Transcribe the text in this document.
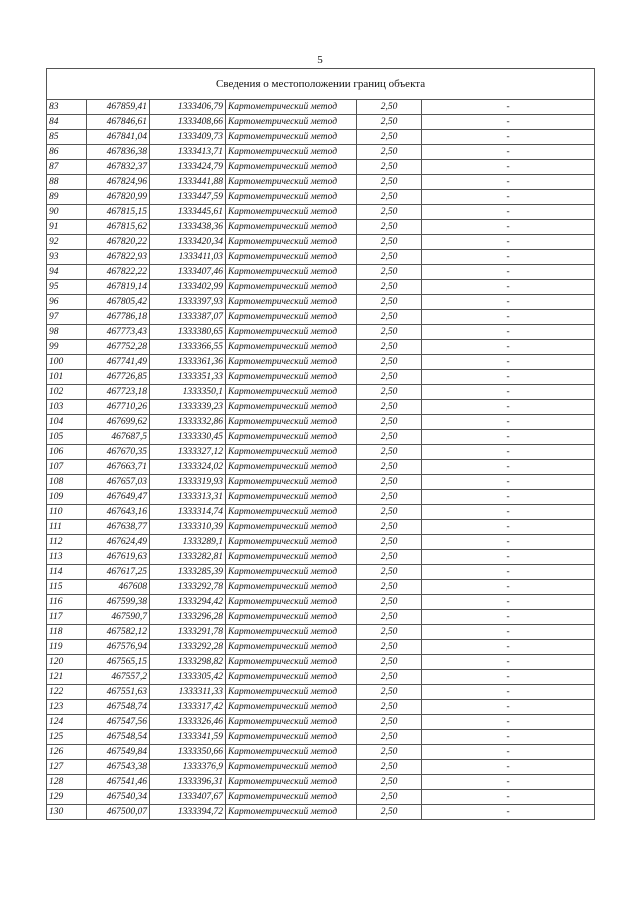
5
Сведения о местоположении границ объекта					
83	467859,41	1333406,79	Картометрический метод	2,50	-
84	467846,61	1333408,66	Картометрический метод	2,50	-
85	467841,04	1333409,73	Картометрический метод	2,50	-
86	467836,38	1333413,71	Картометрический метод	2,50	-
87	467832,37	1333424,79	Картометрический метод	2,50	-
88	467824,96	1333441,88	Картометрический метод	2,50	-
89	467820,99	1333447,59	Картометрический метод	2,50	-
90	467815,15	1333445,61	Картометрический метод	2,50	-
91	467815,62	1333438,36	Картометрический метод	2,50	-
92	467820,22	1333420,34	Картометрический метод	2,50	-
93	467822,93	1333411,03	Картометрический метод	2,50	-
94	467822,22	1333407,46	Картометрический метод	2,50	-
95	467819,14	1333402,99	Картометрический метод	2,50	-
96	467805,42	1333397,93	Картометрический метод	2,50	-
97	467786,18	1333387,07	Картометрический метод	2,50	-
98	467773,43	1333380,65	Картометрический метод	2,50	-
99	467752,28	1333366,55	Картометрический метод	2,50	-
100	467741,49	1333361,36	Картометрический метод	2,50	-
101	467726,85	1333351,33	Картометрический метод	2,50	-
102	467723,18	1333350,1	Картометрический метод	2,50	-
103	467710,26	1333339,23	Картометрический метод	2,50	-
104	467699,62	1333332,86	Картометрический метод	2,50	-
105	467687,5	1333330,45	Картометрический метод	2,50	-
106	467670,35	1333327,12	Картометрический метод	2,50	-
107	467663,71	1333324,02	Картометрический метод	2,50	-
108	467657,03	1333319,93	Картометрический метод	2,50	-
109	467649,47	1333313,31	Картометрический метод	2,50	-
110	467643,16	1333314,74	Картометрический метод	2,50	-
111	467638,77	1333310,39	Картометрический метод	2,50	-
112	467624,49	1333289,1	Картометрический метод	2,50	-
113	467619,63	1333282,81	Картометрический метод	2,50	-
114	467617,25	1333285,39	Картометрический метод	2,50	-
115	467608	1333292,78	Картометрический метод	2,50	-
116	467599,38	1333294,42	Картометрический метод	2,50	-
117	467590,7	1333296,28	Картометрический метод	2,50	-
118	467582,12	1333291,78	Картометрический метод	2,50	-
119	467576,94	1333292,28	Картометрический метод	2,50	-
120	467565,15	1333298,82	Картометрический метод	2,50	-
121	467557,2	1333305,42	Картометрический метод	2,50	-
122	467551,63	1333311,33	Картометрический метод	2,50	-
123	467548,74	1333317,42	Картометрический метод	2,50	-
124	467547,56	1333326,46	Картометрический метод	2,50	-
125	467548,54	1333341,59	Картометрический метод	2,50	-
126	467549,84	1333350,66	Картометрический метод	2,50	-
127	467543,38	1333376,9	Картометрический метод	2,50	-
128	467541,46	1333396,31	Картометрический метод	2,50	-
129	467540,34	1333407,67	Картометрический метод	2,50	-
130	467500,07	1333394,72	Картометрический метод	2,50	-
